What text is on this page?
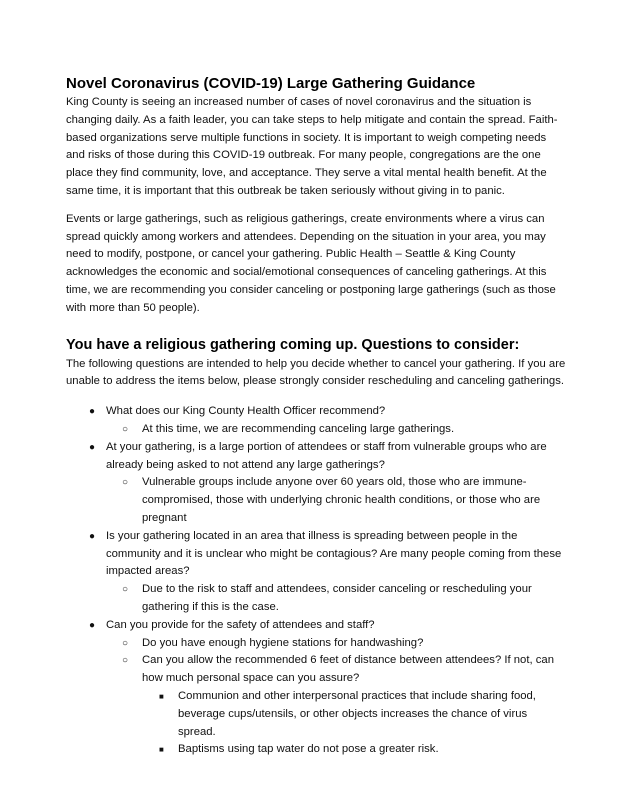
Novel Coronavirus (COVID-19) Large Gathering Guidance

King County is seeing an increased number of cases of novel coronavirus and the situation is changing daily. As a faith leader, you can take steps to help mitigate and contain the spread. Faith-based organizations serve multiple functions in society. It is important to weigh competing needs and risks of those during this COVID-19 outbreak. For many people, congregations are the one place they find community, love, and acceptance. They serve a vital mental health benefit. At the same time, it is important that this outbreak be taken seriously without giving in to panic.

Events or large gatherings, such as religious gatherings, create environments where a virus can spread quickly among workers and attendees. Depending on the situation in your area, you may need to modify, postpone, or cancel your gathering. Public Health – Seattle & King County acknowledges the economic and social/emotional consequences of canceling gatherings. At this time, we are recommending you consider canceling or postponing large gatherings (such as those with more than 50 people).

You have a religious gathering coming up. Questions to consider:

The following questions are intended to help you decide whether to cancel your gathering. If you are unable to address the items below, please strongly consider rescheduling and canceling gatherings.

● What does our King County Health Officer recommend?
○ At this time, we are recommending canceling large gatherings.
● At your gathering, is a large portion of attendees or staff from vulnerable groups who are already being asked to not attend any large gatherings?
○ Vulnerable groups include anyone over 60 years old, those who are immune-compromised, those with underlying chronic health conditions, or those who are pregnant
● Is your gathering located in an area that illness is spreading between people in the community and it is unclear who might be contagious? Are many people coming from these impacted areas?
○ Due to the risk to staff and attendees, consider canceling or rescheduling your gathering if this is the case.
● Can you provide for the safety of attendees and staff?
○ Do you have enough hygiene stations for handwashing?
○ Can you allow the recommended 6 feet of distance between attendees? If not, can how much personal space can you assure?
■ Communion and other interpersonal practices that include sharing food, beverage cups/utensils, or other objects increases the chance of virus spread.
■ Baptisms using tap water do not pose a greater risk.
